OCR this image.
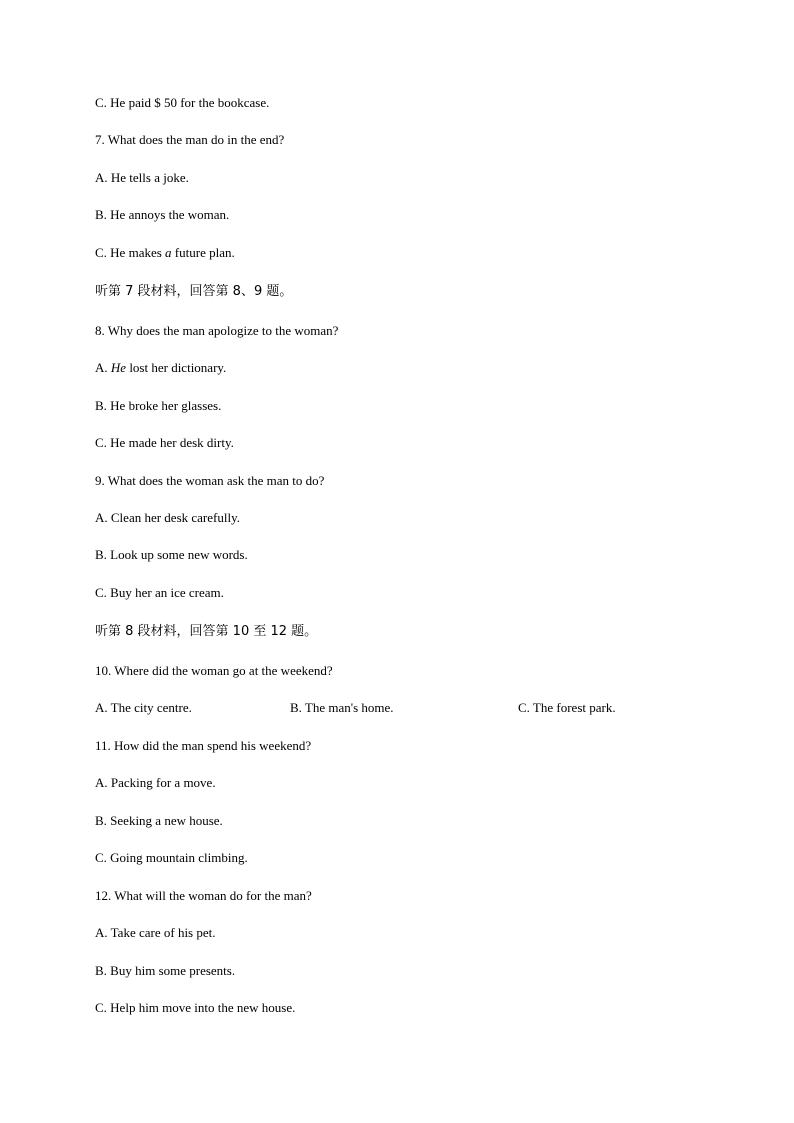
C. He paid $ 50 for the bookcase.
7. What does the man do in the end?
A. He tells a joke.
B. He annoys the woman.
C. He makes a future plan.
听第 7 段材料，回答第 8、9 题。
8. Why does the man apologize to the woman?
A. He lost her dictionary.
B. He broke her glasses.
C. He made her desk dirty.
9. What does the woman ask the man to do?
A. Clean her desk carefully.
B. Look up some new words.
C. Buy her an ice cream.
听第 8 段材料，回答第 10 至 12 题。
10. Where did the woman go at the weekend?
A. The city centre.	B. The man's home.	C. The forest park.
11. How did the man spend his weekend?
A. Packing for a move.
B. Seeking a new house.
C. Going mountain climbing.
12. What will the woman do for the man?
A. Take care of his pet.
B. Buy him some presents.
C. Help him move into the new house.
